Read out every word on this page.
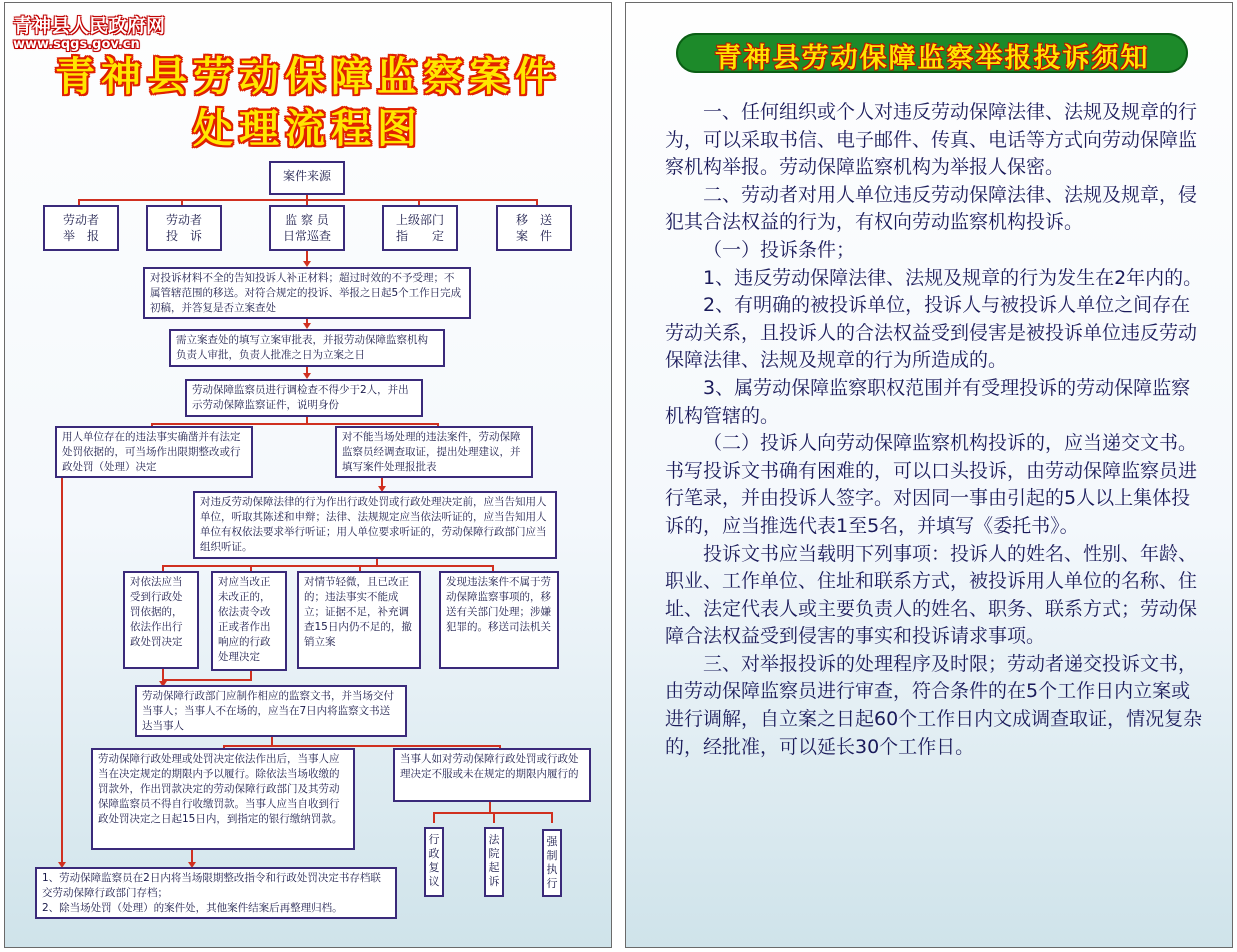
青神县人民政府网
www.sqgs.gov.cn
青神县劳动保障监察案件
处理流程图
案件来源
劳动者
举　报
劳动者
投　诉
监 察 员
日常巡查
上级部门
指　　定
移　送
案　件
对投诉材料不全的告知投诉人补正材料；超过时效的不予受理；不属管辖范围的移送。对符合规定的投诉、举报之日起5个工作日完成初稿，并答复是否立案查处
需立案查处的填写立案审批表，并报劳动保障监察机构负责人审批，负责人批准之日为立案之日
劳动保障监察员进行调检查不得少于2人，并出示劳动保障监察证件，说明身份
用人单位存在的违法事实确凿并有法定处罚依据的，可当场作出限期整改或行政处罚（处理）决定
对不能当场处理的违法案件，劳动保障监察员经调查取证，提出处理建议，并填写案件处理报批表
对违反劳动保障法律的行为作出行政处罚或行政处理决定前，应当告知用人单位，听取其陈述和申辩；法律、法规规定应当依法听证的，应当告知用人单位有权依法要求举行听证；用人单位要求听证的，劳动保障行政部门应当组织听证。
对依法应当受到行政处罚依据的，依法作出行政处罚决定
对应当改正未改正的，依法责令改正或者作出响应的行政处理决定
对情节轻微，且已改正的；违法事实不能成立；证据不足，补充调查15日内仍不足的，撤销立案
发现违法案件不属于劳动保障监察事项的，移送有关部门处理；涉嫌犯罪的。移送司法机关
劳动保障行政部门应制作相应的监察文书，并当场交付当事人；当事人不在场的，应当在7日内将监察文书送达当事人
劳动保障行政处理或处罚决定依法作出后，当事人应当在决定规定的期限内予以履行。除依法当场收缴的罚款外，作出罚款决定的劳动保障行政部门及其劳动保障监察员不得自行收缴罚款。当事人应当自收到行政处罚决定之日起15日内，到指定的银行缴纳罚款。
当事人如对劳动保障行政处罚或行政处理决定不服或未在规定的期限内履行的
行政复议
法院起诉
强制执行
1、劳动保障监察员在2日内将当场限期整改指令和行政处罚决定书存档联交劳动保障行政部门存档；
2、除当场处罚（处理）的案件处，其他案件结案后再整理归档。
青神县劳动保障监察举报投诉须知

一、任何组织或个人对违反劳动保障法律、法规及规章的行为，可以采取书信、电子邮件、传真、电话等方式向劳动保障监察机构举报。劳动保障监察机构为举报人保密。

二、劳动者对用人单位违反劳动保障法律、法规及规章，侵犯其合法权益的行为，有权向劳动监察机构投诉。

（一）投诉条件；

1、违反劳动保障法律、法规及规章的行为发生在2年内的。

2、有明确的被投诉单位，投诉人与被投诉人单位之间存在劳动关系，且投诉人的合法权益受到侵害是被投诉单位违反劳动保障法律、法规及规章的行为所造成的。

3、属劳动保障监察职权范围并有受理投诉的劳动保障监察机构管辖的。

（二）投诉人向劳动保障监察机构投诉的，应当递交文书。书写投诉文书确有困难的，可以口头投诉，由劳动保障监察员进行笔录，并由投诉人签字。对因同一事由引起的5人以上集体投诉的，应当推选代表1至5名，并填写《委托书》。

投诉文书应当载明下列事项：投诉人的姓名、性别、年龄、职业、工作单位、住址和联系方式，被投诉用人单位的名称、住址、法定代表人或主要负责人的姓名、职务、联系方式；劳动保障合法权益受到侵害的事实和投诉请求事项。

三、对举报投诉的处理程序及时限；劳动者递交投诉文书，由劳动保障监察员进行审查，符合条件的在5个工作日内立案或进行调解，自立案之日起60个工作日内文成调查取证，情况复杂的，经批准，可以延长30个工作日。
